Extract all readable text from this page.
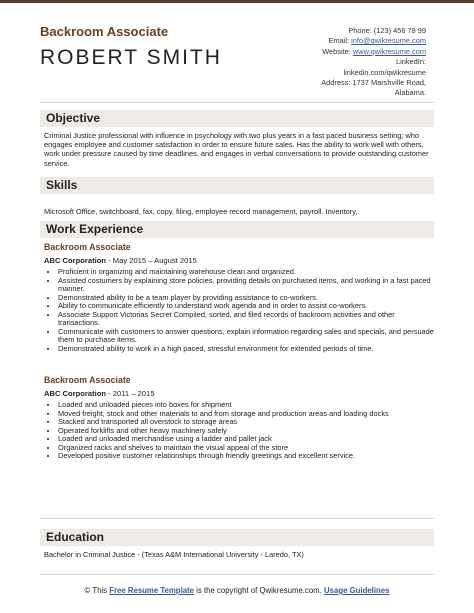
Backroom Associate
ROBERT SMITH
Phone: (123) 456 78 99
Email: info@qwikresume.com
Website: www.qwikresume.com
LinkedIn:
linkedin.com/qwikresume
Address: 1737 Marshville Road,
Alabama.
Objective
Criminal Justice professional with influence in psychology with two plus years in a fast paced business setting; who engages employee and customer satisfaction in order to ensure future sales. Has the ability to work well with others, work under pressure caused by time deadlines, and engages in verbal conversations to provide outstanding customer service.
Skills
Microsoft Office, switchboard, fax, copy, filing, employee record management, payroll. Inventory,.
Work Experience
Backroom Associate
ABC Corporation - May 2015 – August 2015
• Proficient in organizing and maintaining warehouse clean and organized.
• Assisted costumers by explaining store policies, providing details on purchased items, and working in a fast paced manner.
• Demonstrated ability to be a team player by providing assistance to co-workers.
• Ability to communicate efficiently to understand work agenda and in order to assist co-workers.
• Associate Support Victorias Secret Compiled, sorted, and filed records of backroom activities and other transactions.
• Communicate with customers to answer questions, explain information regarding sales and specials, and persuade them to purchase items.
• Demonstrated ability to work in a high paced, stressful environment for extended periods of time.
Backroom Associate
ABC Corporation - 2011 – 2015
• Loaded and unloaded pieces into boxes for shipment
• Moved freight, stock and other materials to and from storage and production areas and loading docks
• Stacked and transported all overstock to storage areas
• Operated forklifts and other heavy machinery safely
• Loaded and unloaded merchandise using a ladder and pallet jack
• Organized racks and shelves to maintain the visual appeal of the store
• Developed positive customer relationships through friendly greetings and excellent service.
Education
Bachelor in Criminal Justice - (Texas A&M International University - Laredo, TX)
© This Free Resume Template is the copyright of Qwikresume.com. Usage Guidelines
